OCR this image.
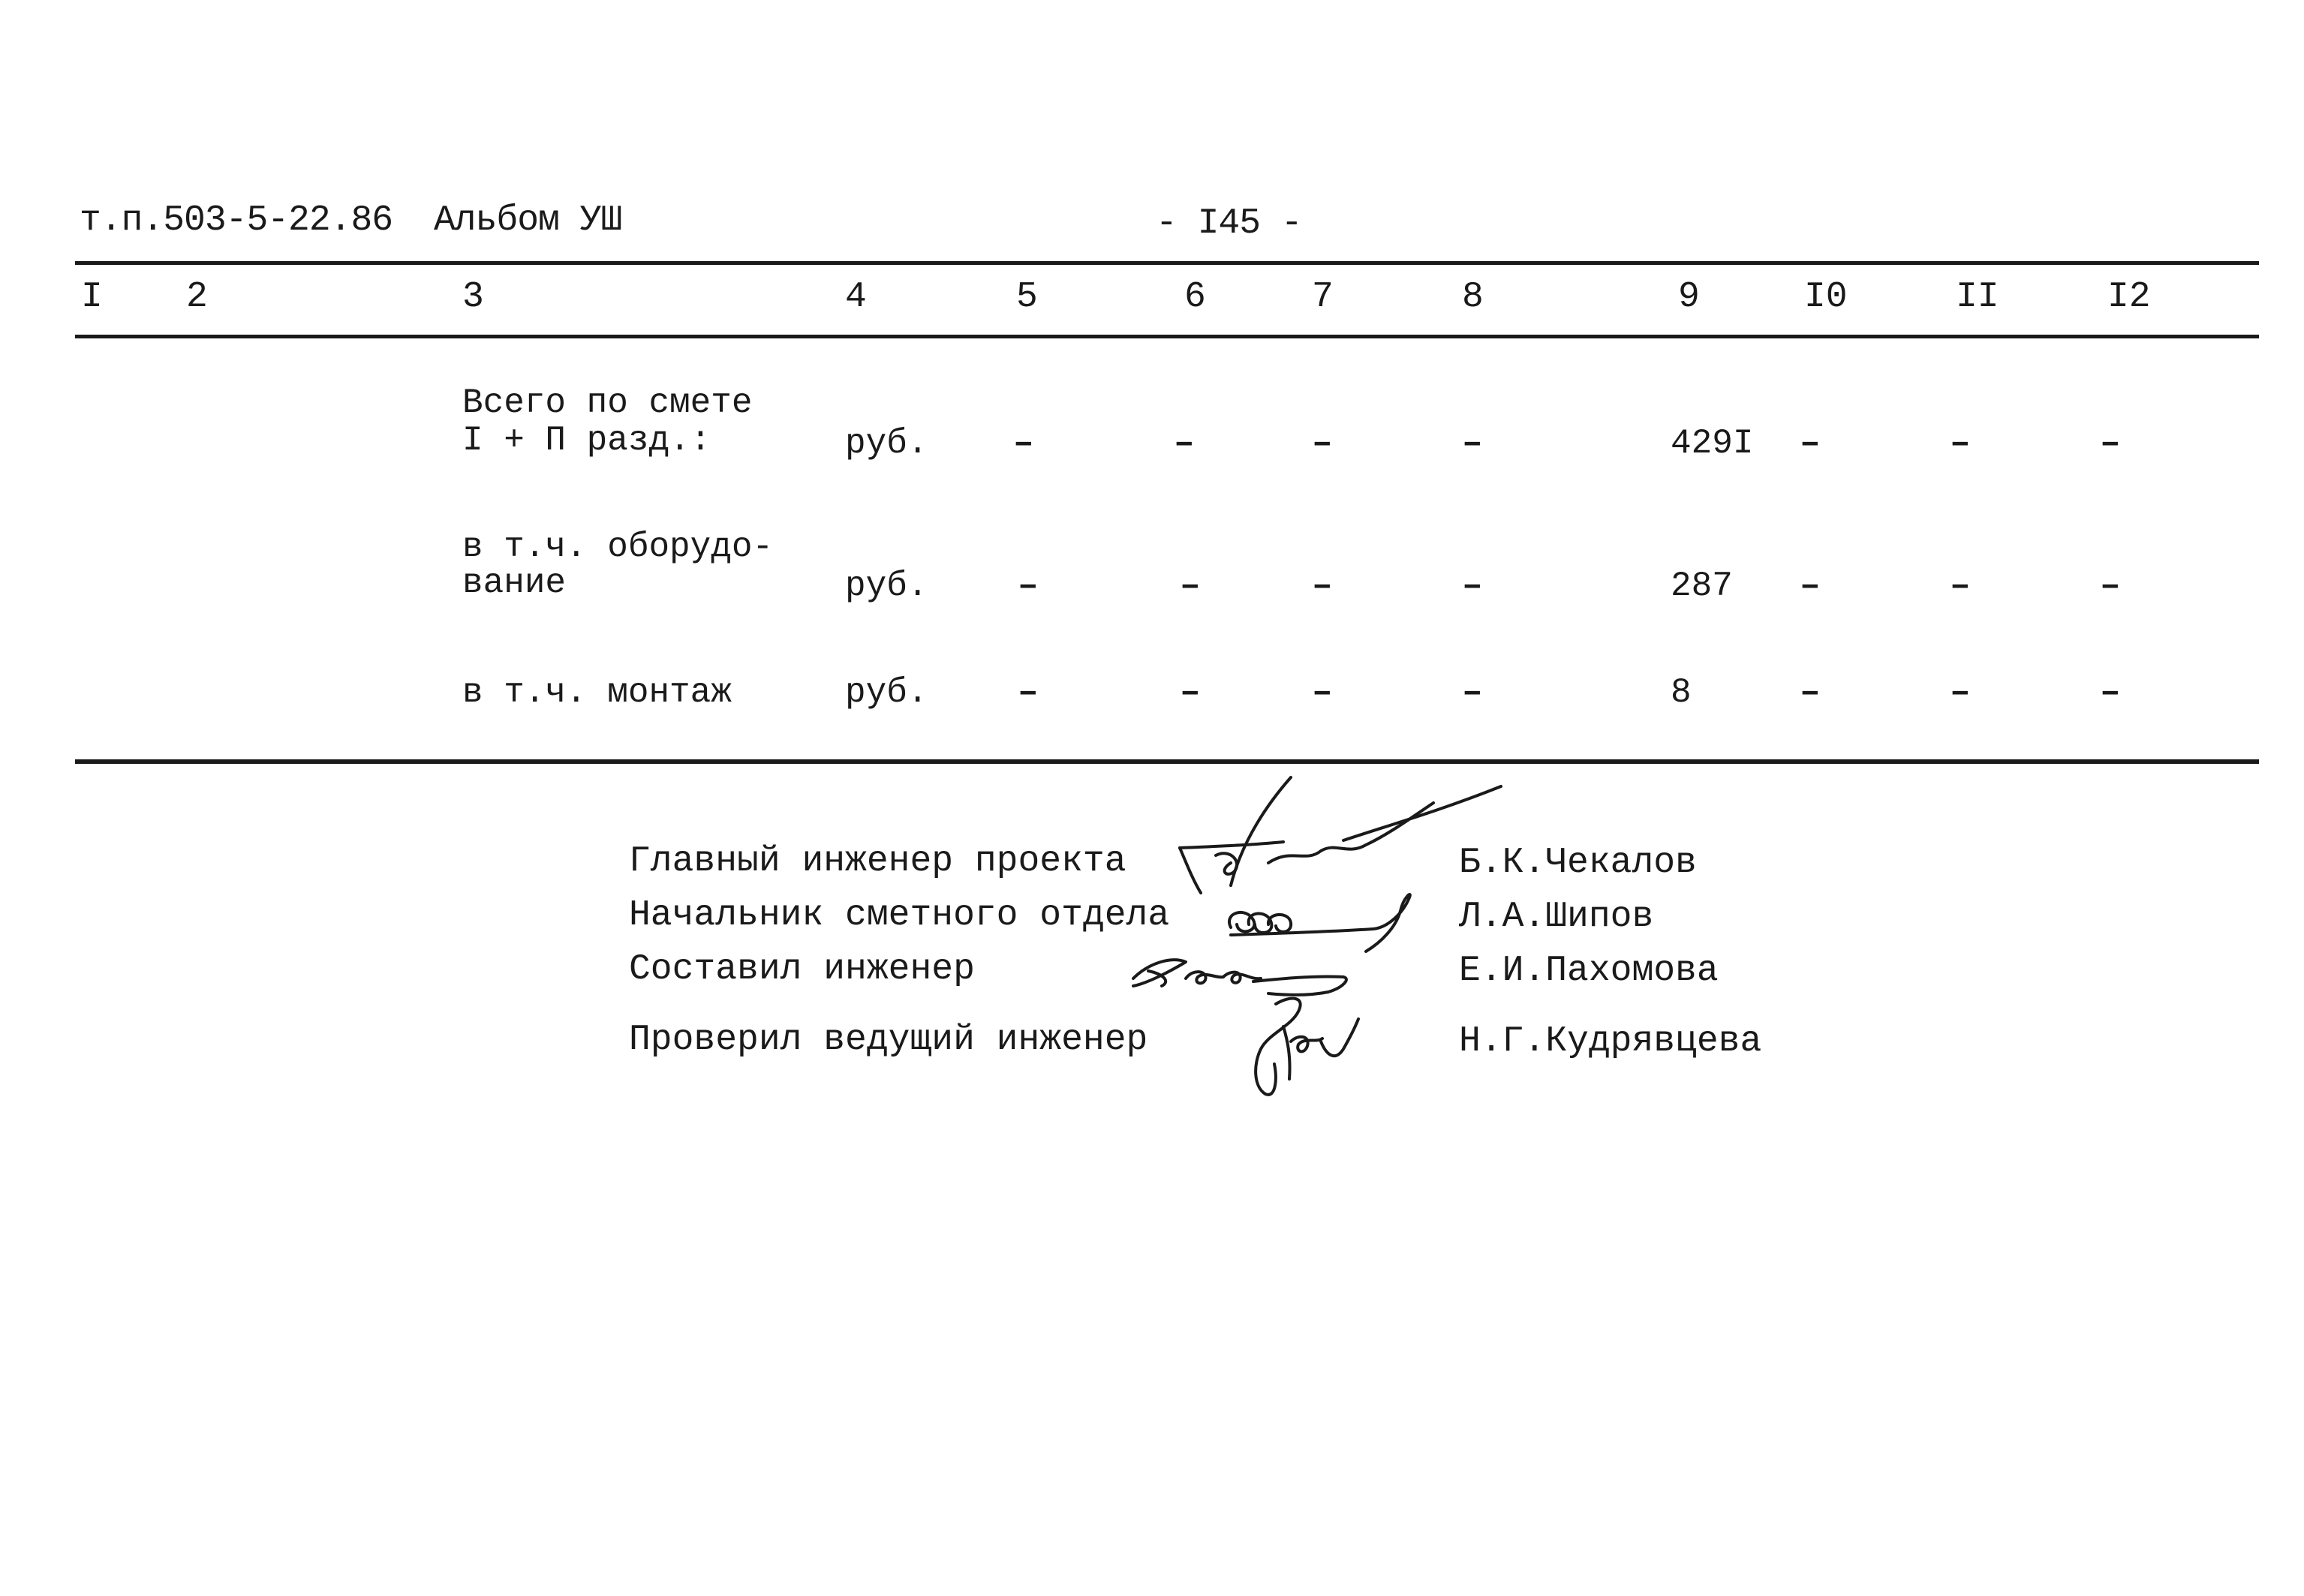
т.п.503-5-22.86 Альбом УШ	- I45 -
I 2	3	4	5	6	7	8	9	I0	II	I2
Всего по смете
I + П разд.:	руб. –	–	–	–	429I –	–	–
в т.ч. оборудо-
вание	руб.	–	–	–	–	287 –	–	–
в т.ч. монтаж	руб.	–	–	–	–	8	–	–	–
Главный инженер проекта	Б.К.Чекалов
Начальник сметного отдела	Л.А.Шипов
Составил инженер	Е.И.Пахомова
Проверил ведущий инженер	Н.Г.Кудрявцева
